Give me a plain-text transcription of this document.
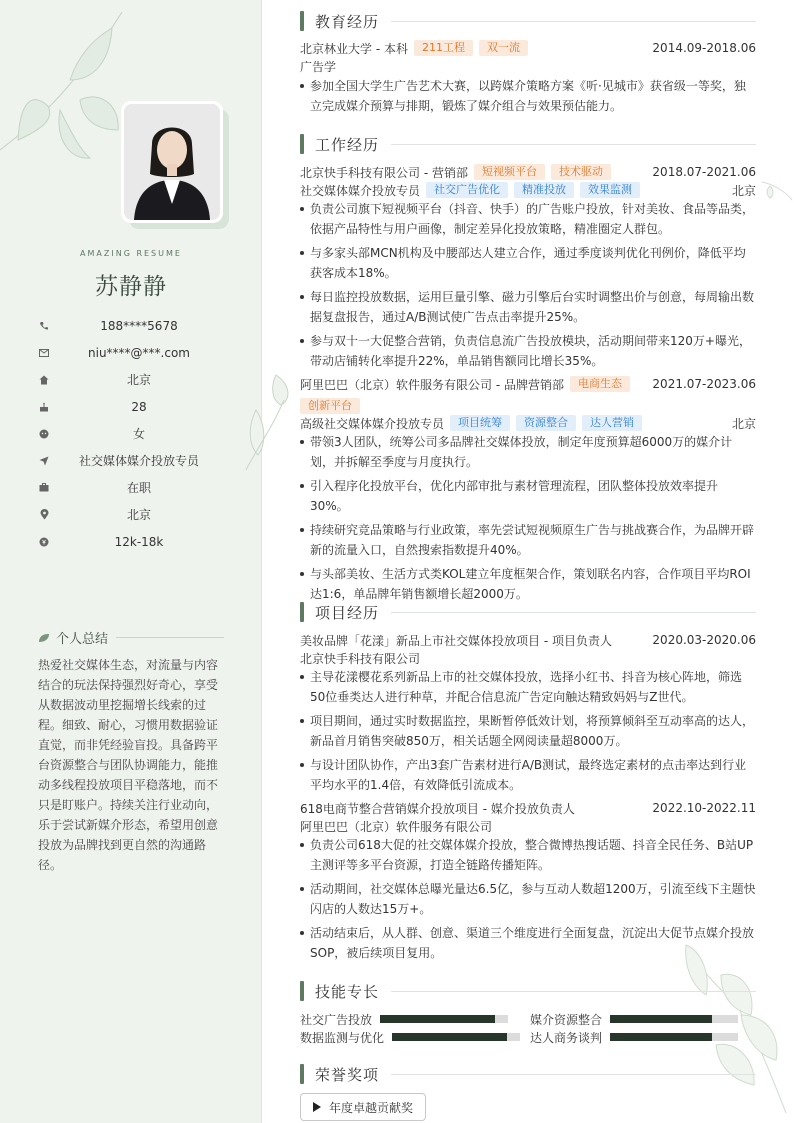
AMAZING RESUME
苏静静
188****5678
niu****@***.com
北京
28
女
社交媒体媒介投放专员
在职
北京
12k-18k
个人总结
热爱社交媒体生态，对流量与内容结合的玩法保持强烈好奇心，享受从数据波动里挖掘增长线索的过程。细致、耐心，习惯用数据验证直觉，而非凭经验盲投。具备跨平台资源整合与团队协调能力，能推动多线程投放项目平稳落地，而不只是盯账户。持续关注行业动向，乐于尝试新媒介形态，希望用创意投放为品牌找到更自然的沟通路径。
教育经历
北京林业大学 - 本科	211工程	双一流	2014.09-2018.06
广告学
参加全国大学生广告艺术大赛，以跨媒介策略方案《听·见城市》获省级一等奖，独立完成媒介预算与排期，锻炼了媒介组合与效果预估能力。
工作经历
北京快手科技有限公司 - 营销部	短视频平台	技术驱动	2018.07-2021.06
社交媒体媒介投放专员	社交广告优化	精准投放	效果监测	北京
负责公司旗下短视频平台（抖音、快手）的广告账户投放，针对美妆、食品等品类，依据产品特性与用户画像，制定差异化投放策略，精准圈定人群包。
与多家头部MCN机构及中腰部达人建立合作，通过季度谈判优化刊例价，降低平均获客成本18%。
每日监控投放数据，运用巨量引擎、磁力引擎后台实时调整出价与创意，每周输出数据复盘报告，通过A/B测试使广告点击率提升25%。
参与双十一大促整合营销，负责信息流广告投放模块，活动期间带来120万+曝光，带动店铺转化率提升22%，单品销售额同比增长35%。
阿里巴巴（北京）软件服务有限公司 - 品牌营销部	电商生态	2021.07-2023.06
创新平台
高级社交媒体媒介投放专员	项目统筹	资源整合	达人营销	北京
带领3人团队，统筹公司多品牌社交媒体投放，制定年度预算超6000万的媒介计划，并拆解至季度与月度执行。
引入程序化投放平台，优化内部审批与素材管理流程，团队整体投放效率提升30%。
持续研究竞品策略与行业政策，率先尝试短视频原生广告与挑战赛合作，为品牌开辟新的流量入口，自然搜索指数提升40%。
与头部美妆、生活方式类KOL建立年度框架合作，策划联名内容，合作项目平均ROI达1:6，单品牌年销售额增长超2000万。
项目经历
美妆品牌「花漾」新品上市社交媒体投放项目 - 项目负责人	2020.03-2020.06
北京快手科技有限公司
主导花漾樱花系列新品上市的社交媒体投放，选择小红书、抖音为核心阵地，筛选50位垂类达人进行种草，并配合信息流广告定向触达精致妈妈与Z世代。
项目期间，通过实时数据监控，果断暂停低效计划，将预算倾斜至互动率高的达人，新品首月销售突破850万，相关话题全网阅读量超8000万。
与设计团队协作，产出3套广告素材进行A/B测试，最终选定素材的点击率达到行业平均水平的1.4倍，有效降低引流成本。
618电商节整合营销媒介投放项目 - 媒介投放负责人	2022.10-2022.11
阿里巴巴（北京）软件服务有限公司
负责公司618大促的社交媒体媒介投放，整合微博热搜话题、抖音全民任务、B站UP主测评等多平台资源，打造全链路传播矩阵。
活动期间，社交媒体总曝光量达6.5亿，参与互动人数超1200万，引流至线下主题快闪店的人数达15万+。
活动结束后，从人群、创意、渠道三个维度进行全面复盘，沉淀出大促节点媒介投放SOP，被后续项目复用。
技能专长
社交广告投放	媒介资源整合
数据监测与优化	达人商务谈判
荣誉奖项
年度卓越贡献奖
